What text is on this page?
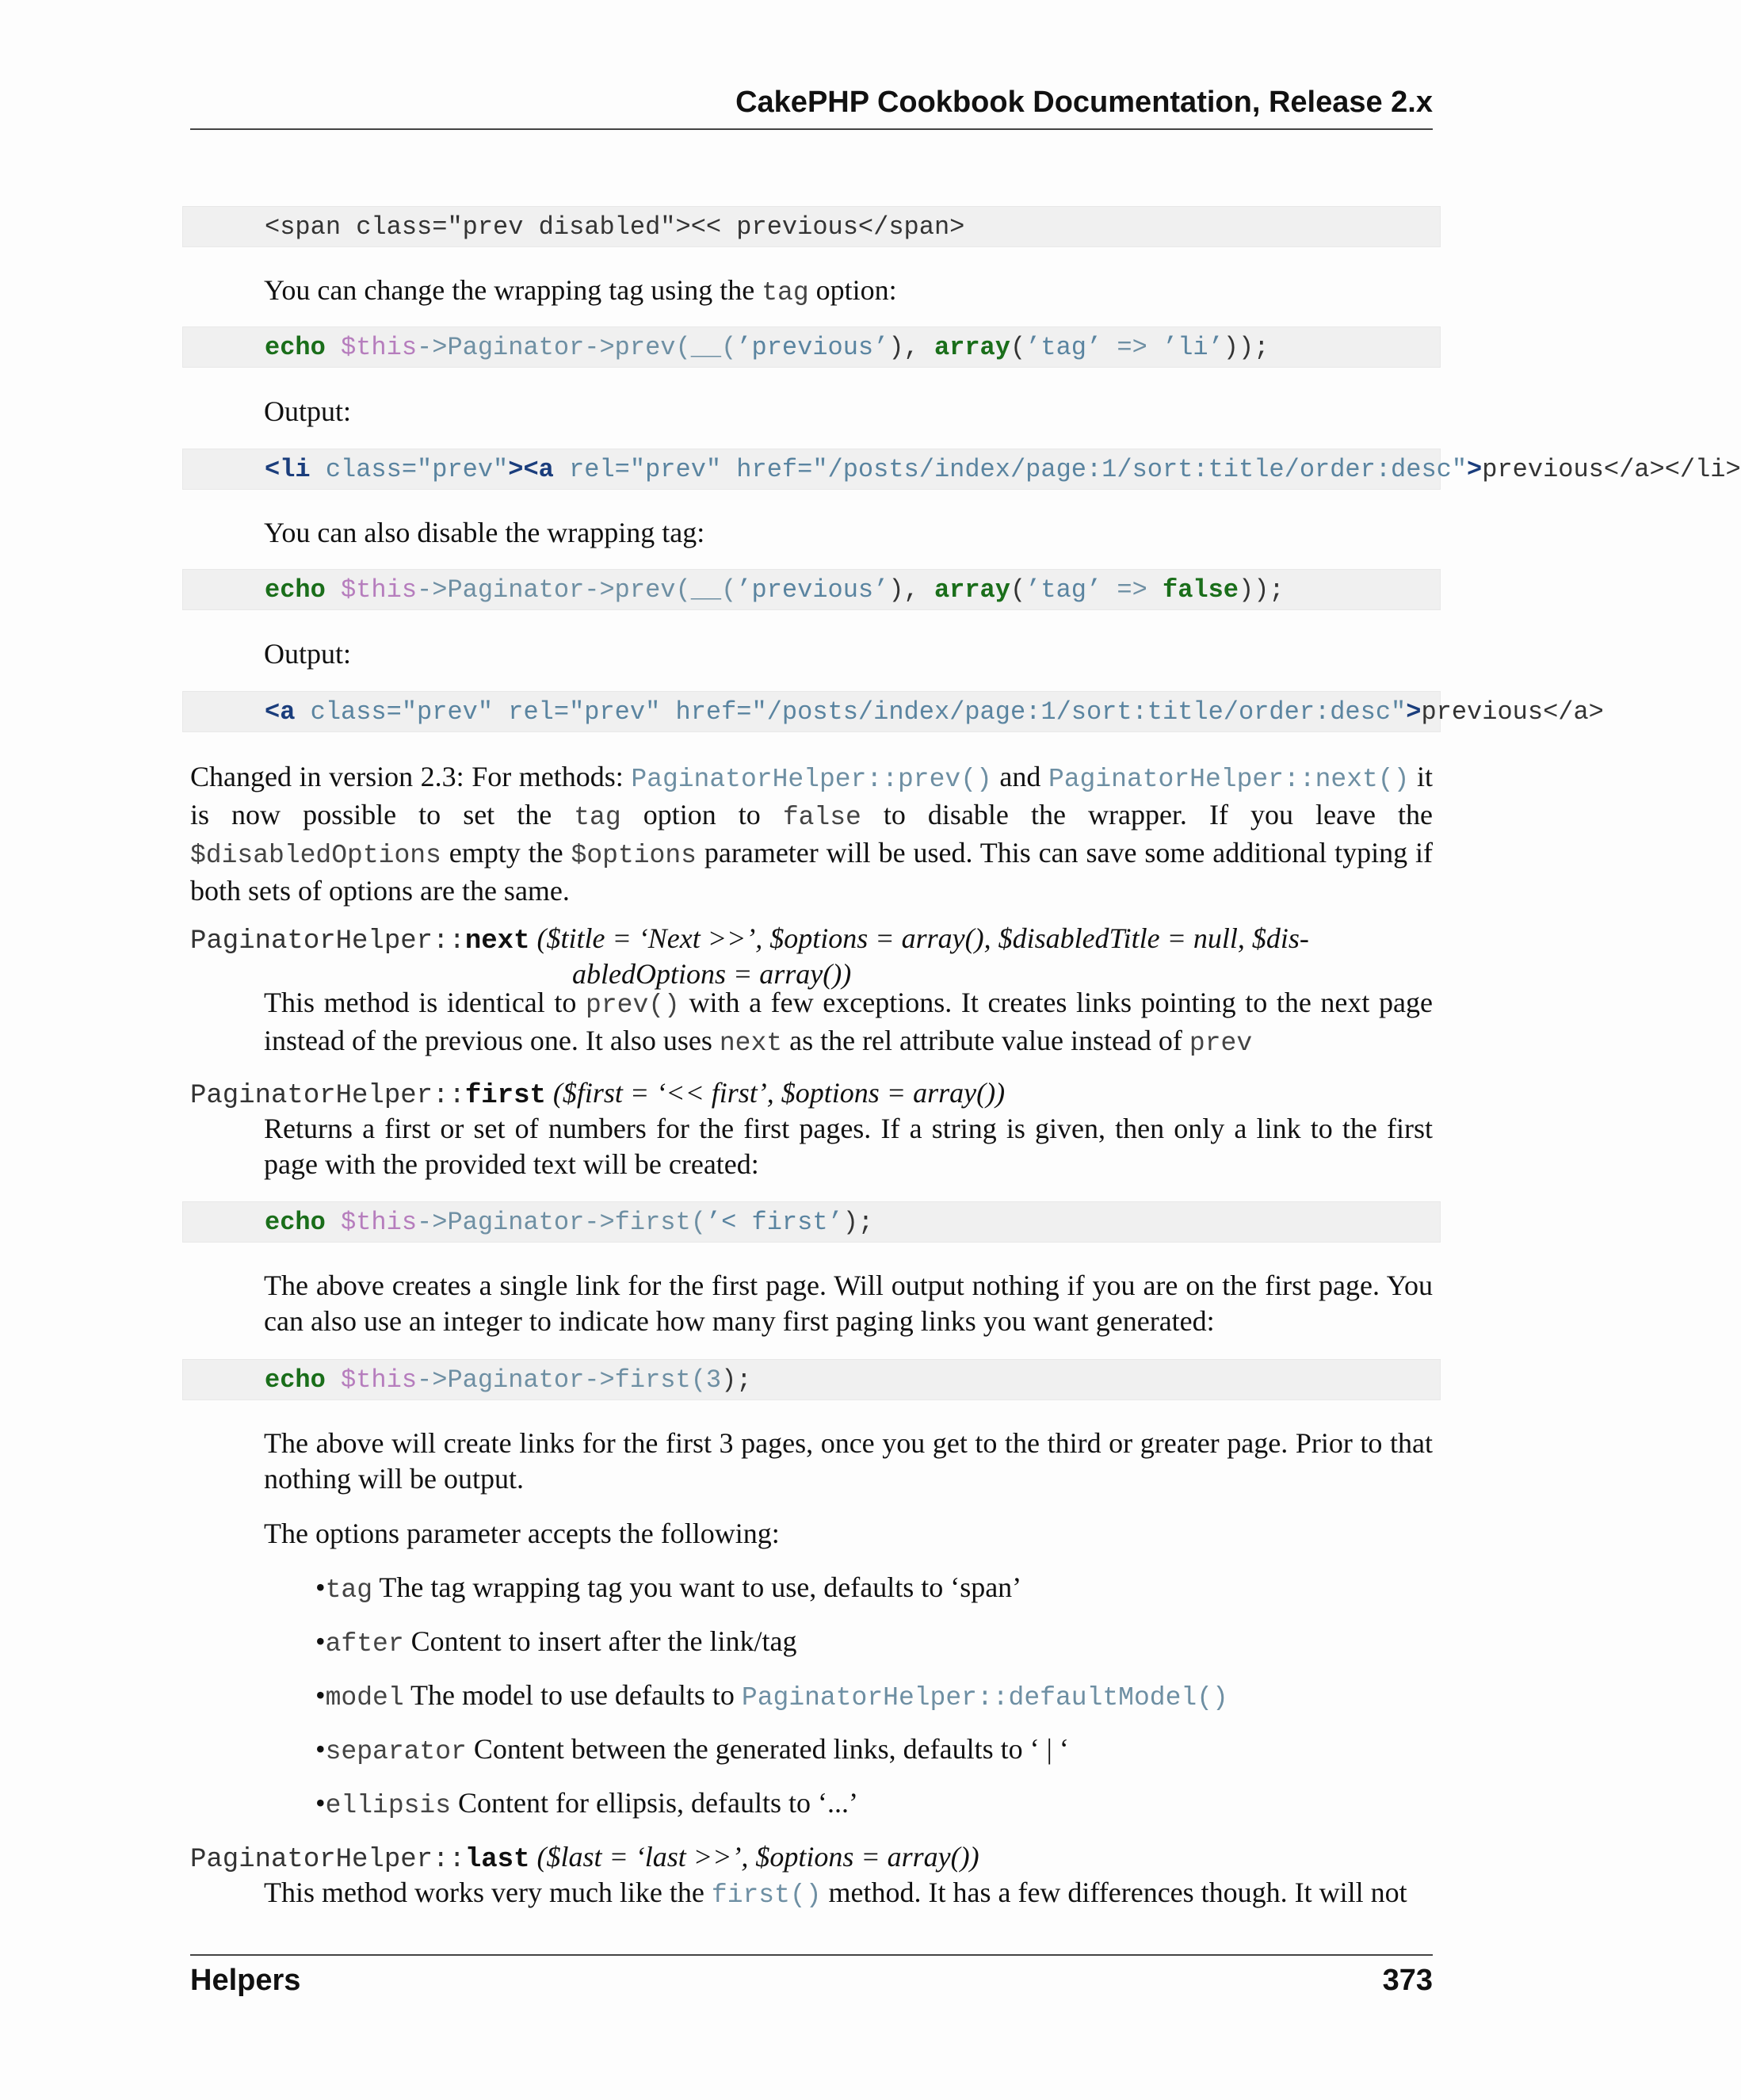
CakePHP Cookbook Documentation, Release 2.x

<span class="prev disabled"><< previous</span>

You can change the wrapping tag using the tag option:

echo $this->Paginator->prev(__(’previous’), array(’tag’ => ’li’));

Output:

<li class="prev"><a rel="prev" href="/posts/index/page:1/sort:title/order:desc">previous</a></li>

You can also disable the wrapping tag:

echo $this->Paginator->prev(__(’previous’), array(’tag’ => false));

Output:

<a class="prev" rel="prev" href="/posts/index/page:1/sort:title/order:desc">previous</a>

Changed in version 2.3: For methods: PaginatorHelper::prev() and PaginatorHelper::next() it is now possible to set the tag option to false to disable the wrapper. If you leave the $disabledOptions empty the $options parameter will be used. This can save some additional typing if both sets of options are the same.
PaginatorHelper::next ($title = ‘Next >>’, $options = array(), $disabledTitle = null, $dis-
abledOptions = array())
This method is identical to prev() with a few exceptions. It creates links pointing to the next page instead of the previous one. It also uses next as the rel attribute value instead of prev
PaginatorHelper::first ($first = ‘<< first’, $options = array())
Returns a first or set of numbers for the first pages. If a string is given, then only a link to the first page with the provided text will be created:

echo $this->Paginator->first(’< first’);

The above creates a single link for the first page. Will output nothing if you are on the first page. You can also use an integer to indicate how many first paging links you want generated:

echo $this->Paginator->first(3);

The above will create links for the first 3 pages, once you get to the third or greater page. Prior to that nothing will be output.
The options parameter accepts the following:
•tag The tag wrapping tag you want to use, defaults to ‘span’
•after Content to insert after the link/tag
•model The model to use defaults to PaginatorHelper::defaultModel()
•separator Content between the generated links, defaults to ‘ | ‘
•ellipsis Content for ellipsis, defaults to ‘...’
PaginatorHelper::last ($last = ‘last >>’, $options = array())
This method works very much like the first() method. It has a few differences though. It will not
Helpers	373
